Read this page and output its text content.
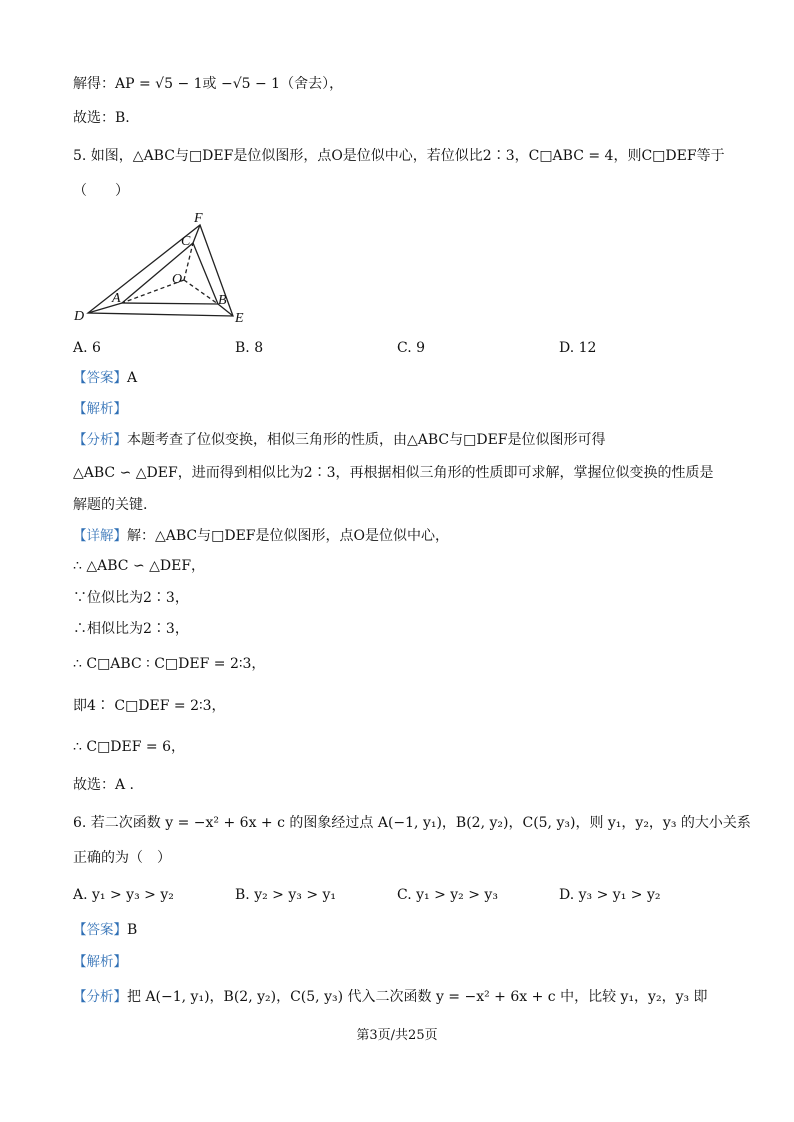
解得：AP = √5 − 1或 −√5 − 1（舍去），
故选：B.
5. 如图，△ABC与□DEF是位似图形，点O是位似中心，若位似比2∶3，C□ABC = 4，则C□DEF等于
（　　）
D	E
F
A	B
C
O
A. 6	B. 8	C. 9	D. 12
【答案】A
【解析】
【分析】本题考查了位似变换，相似三角形的性质，由△ABC与□DEF是位似图形可得
△ABC ∽ △DEF，进而得到相似比为2∶3，再根据相似三角形的性质即可求解，掌握位似变换的性质是
解题的关键.
【详解】解：△ABC与□DEF是位似图形，点O是位似中心，
∴ △ABC ∽ △DEF，
∵位似比为2∶3，
∴相似比为2∶3，
∴ C□ABC ∶ C□DEF = 2∶3，
即4∶ C□DEF = 2∶3，
∴ C□DEF = 6，
故选：A .
6. 若二次函数 y = −x² + 6x + c 的图象经过点 A(−1, y₁)，B(2, y₂)，C(5, y₃)，则 y₁，y₂，y₃ 的大小关系
正确的为（　）
A. y₁ > y₃ > y₂	B. y₂ > y₃ > y₁	C. y₁ > y₂ > y₃	D. y₃ > y₁ > y₂
【答案】B
【解析】
【分析】把 A(−1, y₁)，B(2, y₂)，C(5, y₃) 代入二次函数 y = −x² + 6x + c 中，比较 y₁，y₂，y₃ 即
第3页/共25页
